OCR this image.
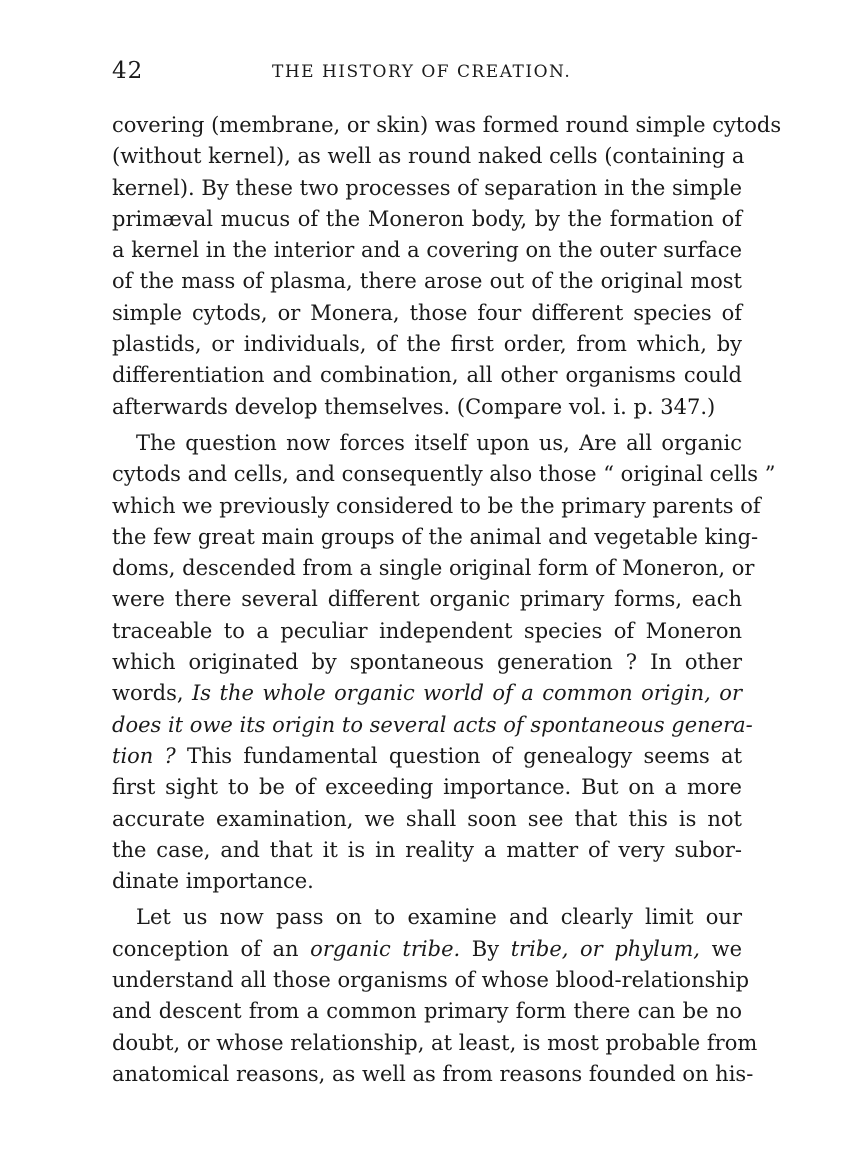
42	THE HISTORY OF CREATION.
covering (membrane, or skin) was formed round simple cytods
(without kernel), as well as round naked cells (containing a
kernel). By these two processes of separation in the simple
primæval mucus of the Moneron body, by the formation of
a kernel in the interior and a covering on the outer surface
of the mass of plasma, there arose out of the original most
simple cytods, or Monera, those four different species of
plastids, or individuals, of the first order, from which, by
differentiation and combination, all other organisms could
afterwards develop themselves. (Compare vol. i. p. 347.)
The question now forces itself upon us, Are all organic
cytods and cells, and consequently also those “ original cells ”
which we previously considered to be the primary parents of
the few great main groups of the animal and vegetable king-
doms, descended from a single original form of Moneron, or
were there several different organic primary forms, each
traceable to a peculiar independent species of Moneron
which originated by spontaneous generation ? In other
words, Is the whole organic world of a common origin, or
does it owe its origin to several acts of spontaneous genera-
tion ? This fundamental question of genealogy seems at
first sight to be of exceeding importance. But on a more
accurate examination, we shall soon see that this is not
the case, and that it is in reality a matter of very subor-
dinate importance.
Let us now pass on to examine and clearly limit our
conception of an organic tribe. By tribe, or phylum, we
understand all those organisms of whose blood-relationship
and descent from a common primary form there can be no
doubt, or whose relationship, at least, is most probable from
anatomical reasons, as well as from reasons founded on his-
